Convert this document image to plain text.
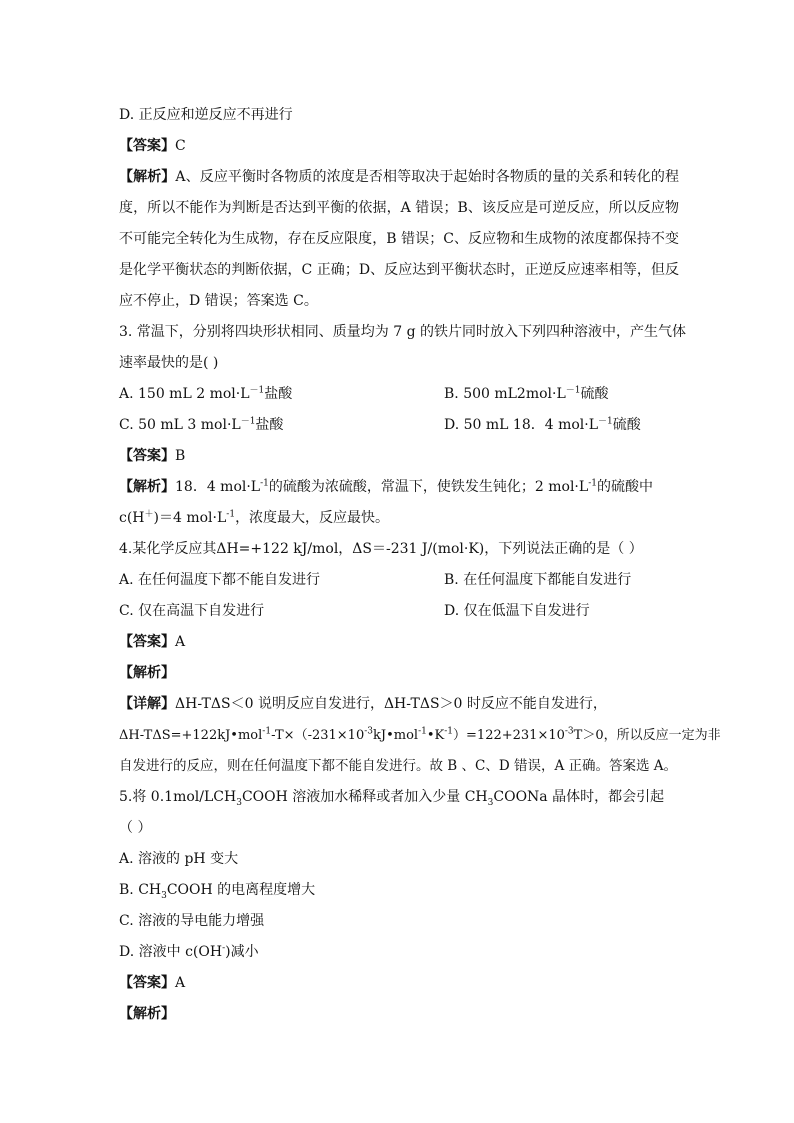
D. 正反应和逆反应不再进行
【答案】C
【解析】A、反应平衡时各物质的浓度是否相等取决于起始时各物质的量的关系和转化的程度，所以不能作为判断是否达到平衡的依据，A 错误；B、该反应是可逆反应，所以反应物不可能完全转化为生成物，存在反应限度，B 错误；C、反应物和生成物的浓度都保持不变是化学平衡状态的判断依据，C 正确；D、反应达到平衡状态时，正逆反应速率相等，但反应不停止，D 错误；答案选 C。
3. 常温下，分别将四块形状相同、质量均为 7 g 的铁片同时放入下列四种溶液中，产生气体
速率最快的是( )
A. 150 mL 2 $mol\cdot L^{-1}$盐酸	B. 500 $mL2mol\cdot L^{-1}$硫酸
C. 50 mL 3 $mol\cdot L^{-1}$盐酸	D. 50 mL 18．4 $mol\cdot L^{-1}$硫酸
【答案】B
【解析】18．4 $mol\cdot L^{-1}$的硫酸为浓硫酸，常温下，使铁发生钝化；2 $mol\cdot L^{-1}$的硫酸中
c(H＋)＝4 $mol\cdot L^{-1}$，浓度最大，反应最快。
4.某化学反应其ΔH=+122 kJ/mol，ΔS＝-231 J/(mol·K)，下列说法正确的是（ ）
A. 在任何温度下都不能自发进行	B. 在任何温度下都能自发进行
C. 仅在高温下自发进行	D. 仅在低温下自发进行
【答案】A
【解析】
【详解】ΔH-TΔS＜0 说明反应自发进行，ΔH-TΔS＞0 时反应不能自发进行，
$\Delta H-T\Delta S=+122kJ•mol^{-1}-T\times(-231\times 10^{-3}kJ•mol^{-1}•K^{-1})=122+231\times 10^{-3}T>0$，所以反应一定为非
自发进行的反应，则在任何温度下都不能自发进行。故 B 、C、D 错误，A 正确。答案选 A。
5.将 $0.1mol/LCH_3COOH$ 溶液加水稀释或者加入少量 $CH_3COONa$ 晶体时，都会引起
（ ）
A. 溶液的 pH 变大
B. $CH_3COOH$ 的电离程度增大
C. 溶液的导电能力增强
D. 溶液中 c(OH-)减小
【答案】A
【解析】
